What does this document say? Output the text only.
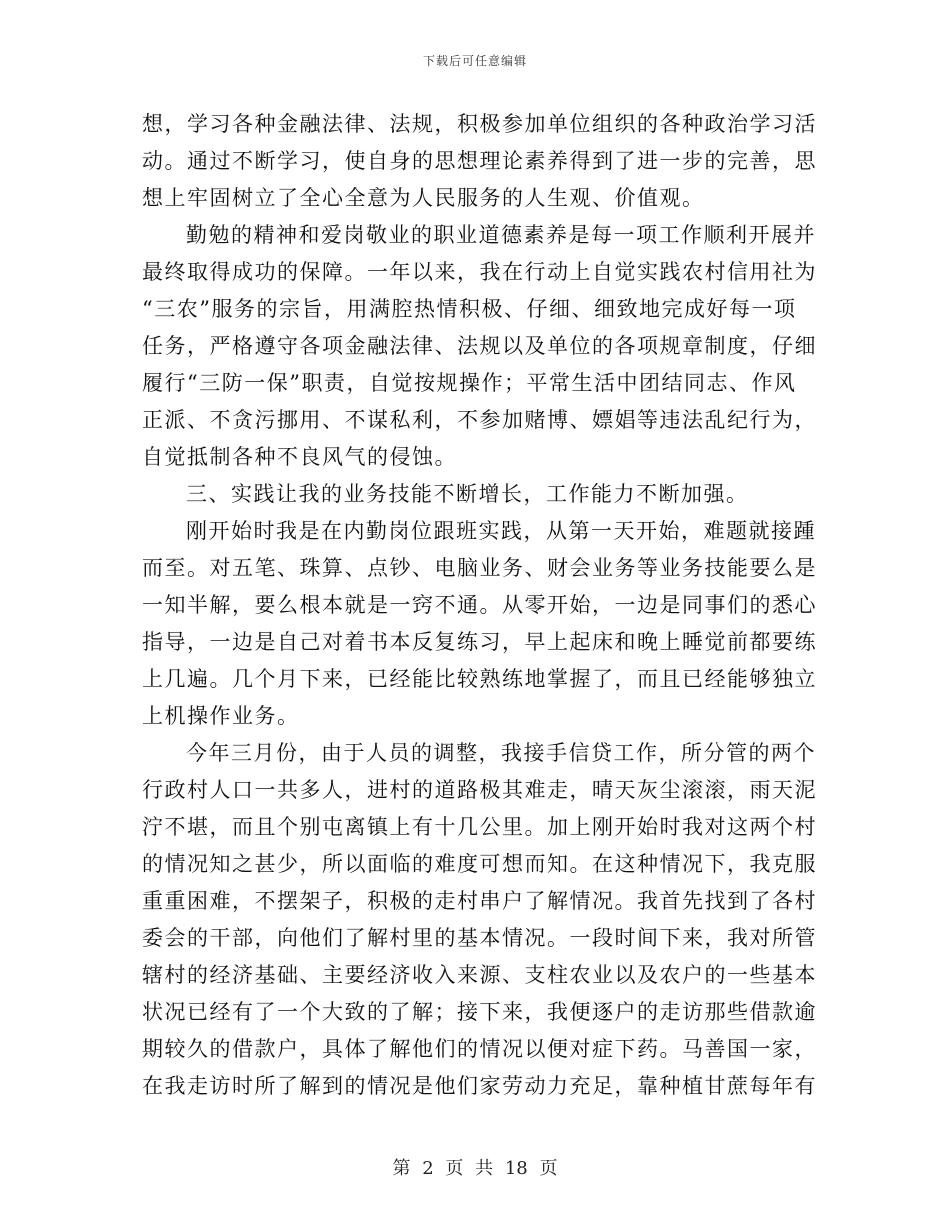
下载后可任意编辑
想，学习各种金融法律、法规，积极参加单位组织的各种政治学习活
动。通过不断学习，使自身的思想理论素养得到了进一步的完善，思
想上牢固树立了全心全意为人民服务的人生观、价值观。
勤勉的精神和爱岗敬业的职业道德素养是每一项工作顺利开展并
最终取得成功的保障。一年以来，我在行动上自觉实践农村信用社为
“三农”服务的宗旨，用满腔热情积极、仔细、细致地完成好每一项
任务，严格遵守各项金融法律、法规以及单位的各项规章制度，仔细
履行“三防一保”职责，自觉按规操作；平常生活中团结同志、作风
正派、不贪污挪用、不谋私利，不参加赌博、嫖娼等违法乱纪行为，
自觉抵制各种不良风气的侵蚀。
三、实践让我的业务技能不断增长，工作能力不断加强。
刚开始时我是在内勤岗位跟班实践，从第一天开始，难题就接踵
而至。对五笔、珠算、点钞、电脑业务、财会业务等业务技能要么是
一知半解，要么根本就是一窍不通。从零开始，一边是同事们的悉心
指导，一边是自己对着书本反复练习，早上起床和晚上睡觉前都要练
上几遍。几个月下来，已经能比较熟练地掌握了，而且已经能够独立
上机操作业务。
今年三月份，由于人员的调整，我接手信贷工作，所分管的两个
行政村人口一共多人，进村的道路极其难走，晴天灰尘滚滚，雨天泥
泞不堪，而且个别屯离镇上有十几公里。加上刚开始时我对这两个村
的情况知之甚少，所以面临的难度可想而知。在这种情况下，我克服
重重困难，不摆架子，积极的走村串户了解情况。我首先找到了各村
委会的干部，向他们了解村里的基本情况。一段时间下来，我对所管
辖村的经济基础、主要经济收入来源、支柱农业以及农户的一些基本
状况已经有了一个大致的了解；接下来，我便逐户的走访那些借款逾
期较久的借款户，具体了解他们的情况以便对症下药。马善国一家，
在我走访时所了解到的情况是他们家劳动力充足，靠种植甘蔗每年有
第 2 页 共 18 页
